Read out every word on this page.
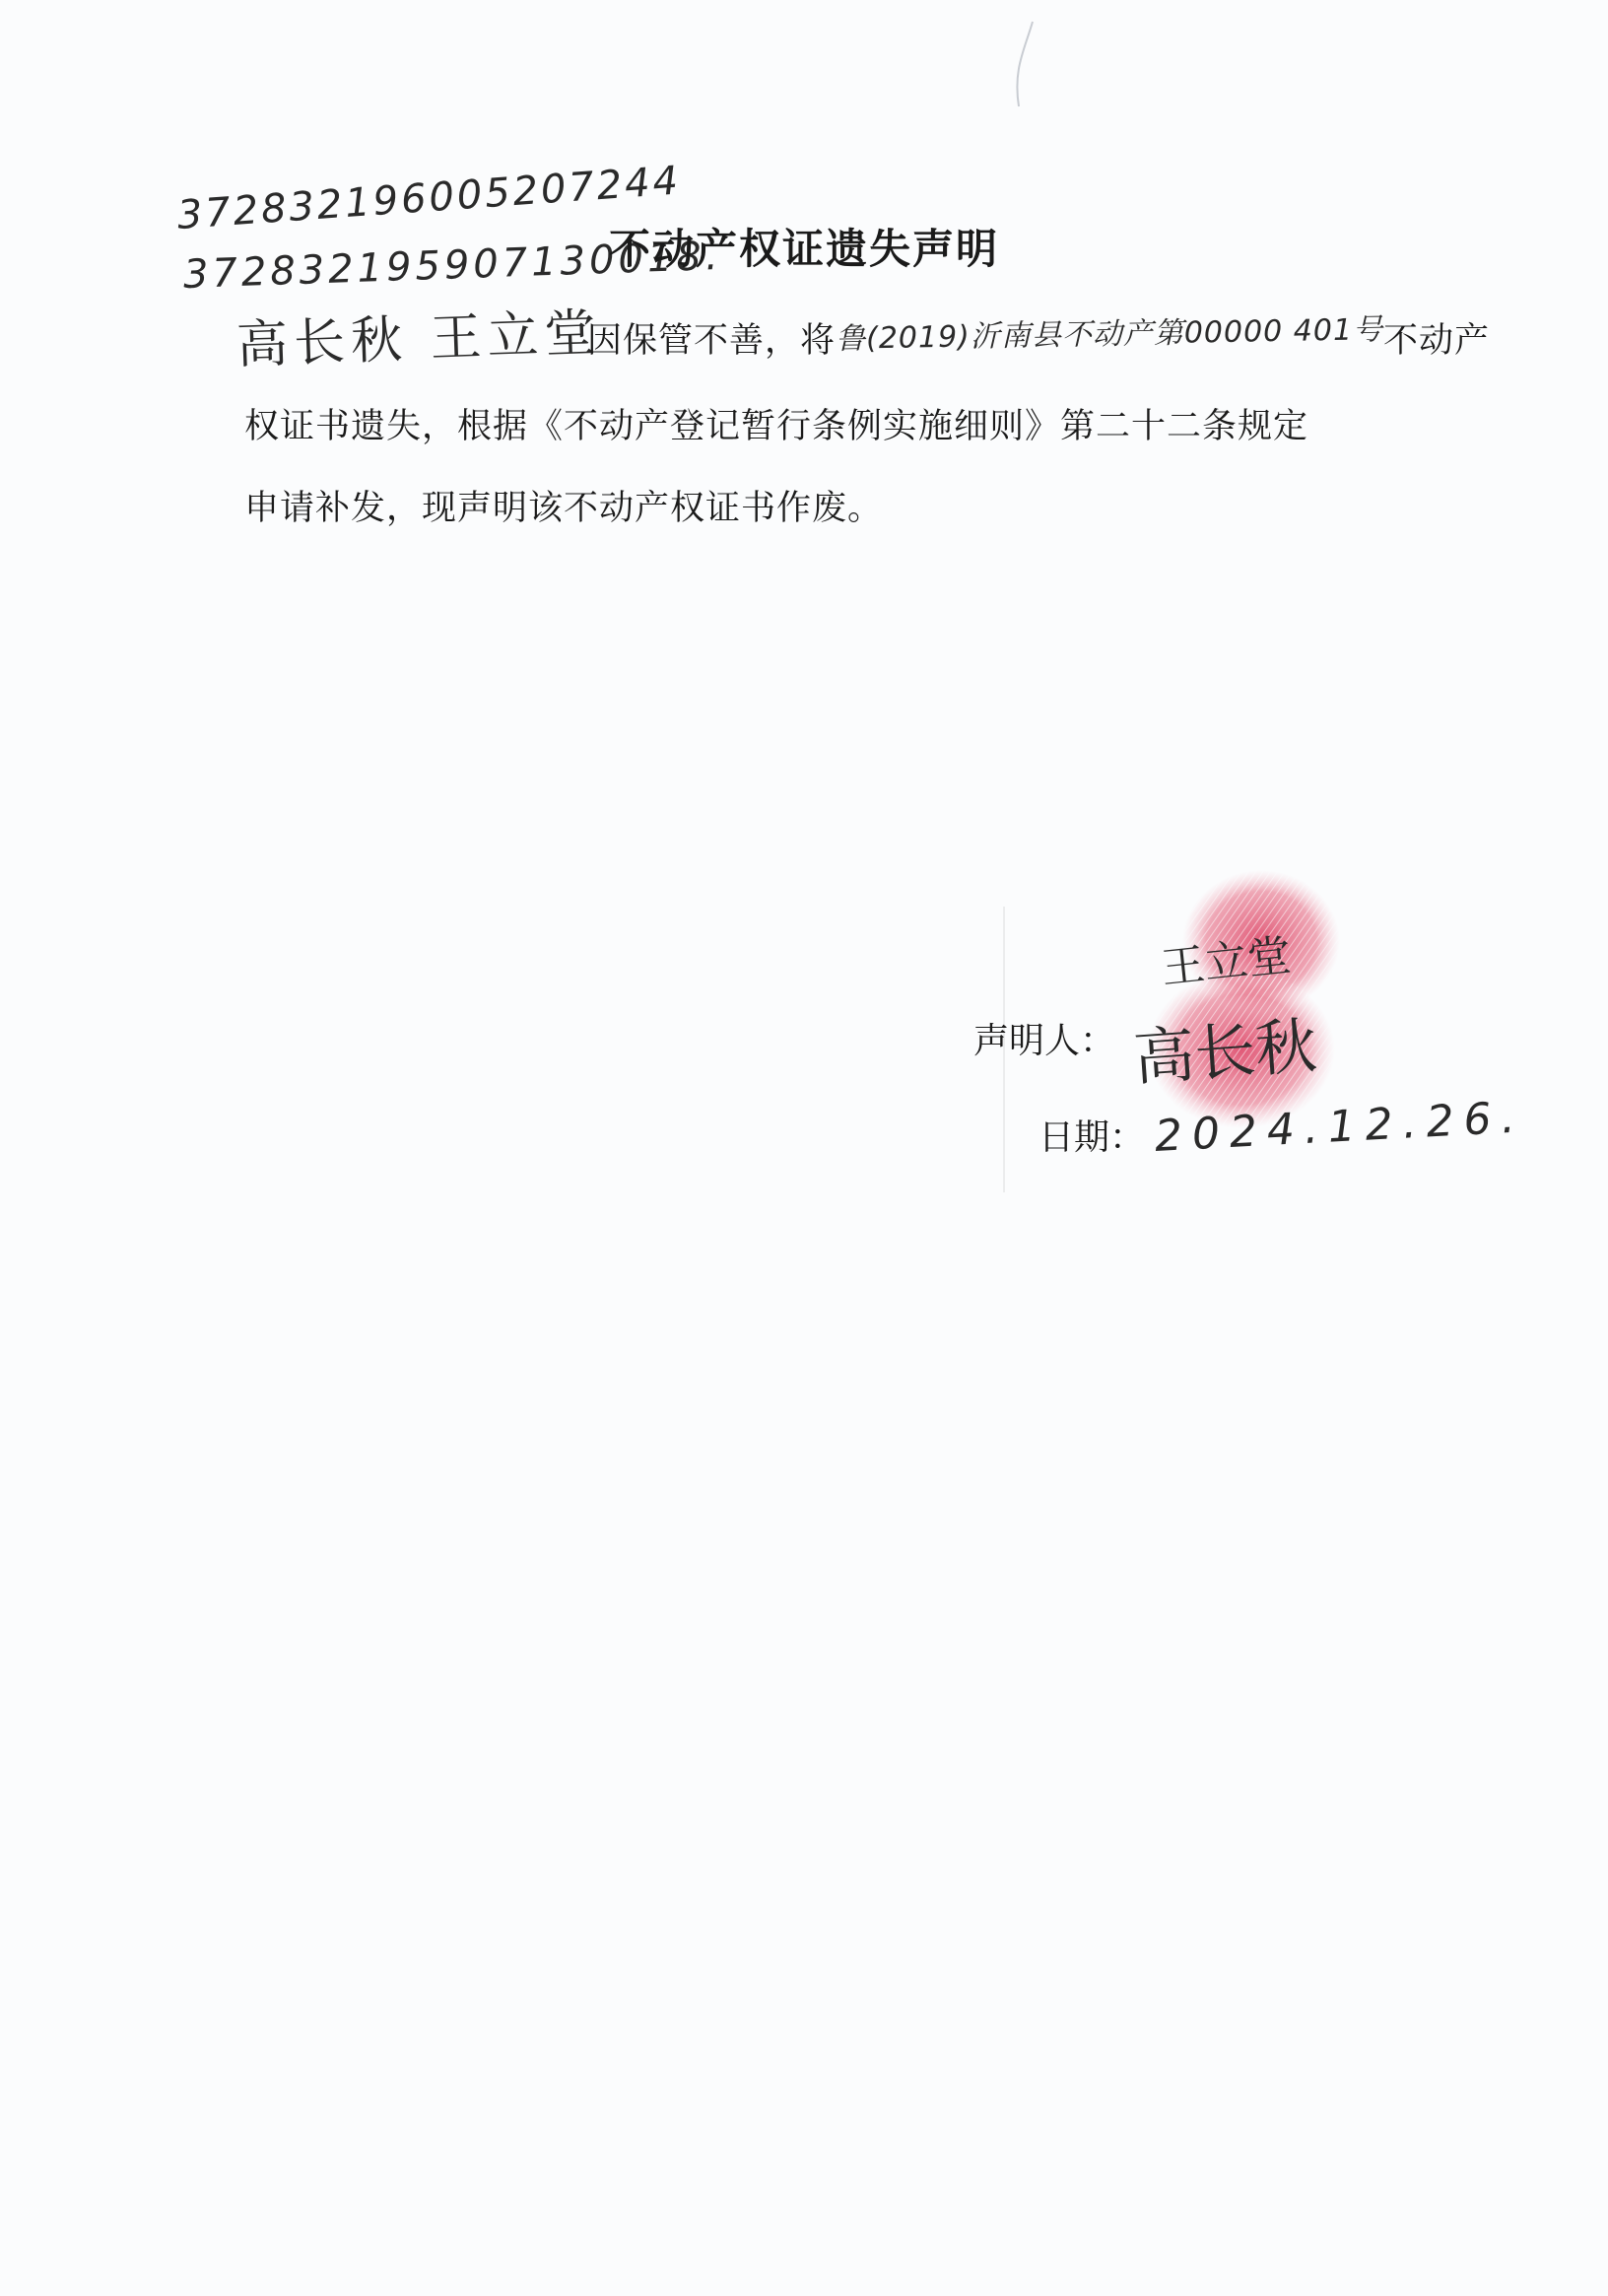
372832196005207244
372832195907130018.
高长秋 王立堂
不动产权证遗失声明
因保管不善，将鲁(2019)沂南县不动产第00000 401号不动产
权证书遗失，根据《不动产登记暂行条例实施细则》第二十二条规定
申请补发，现声明该不动产权证书作废。
声明人：
王立堂
高长秋
日期： 2024.12.26.
